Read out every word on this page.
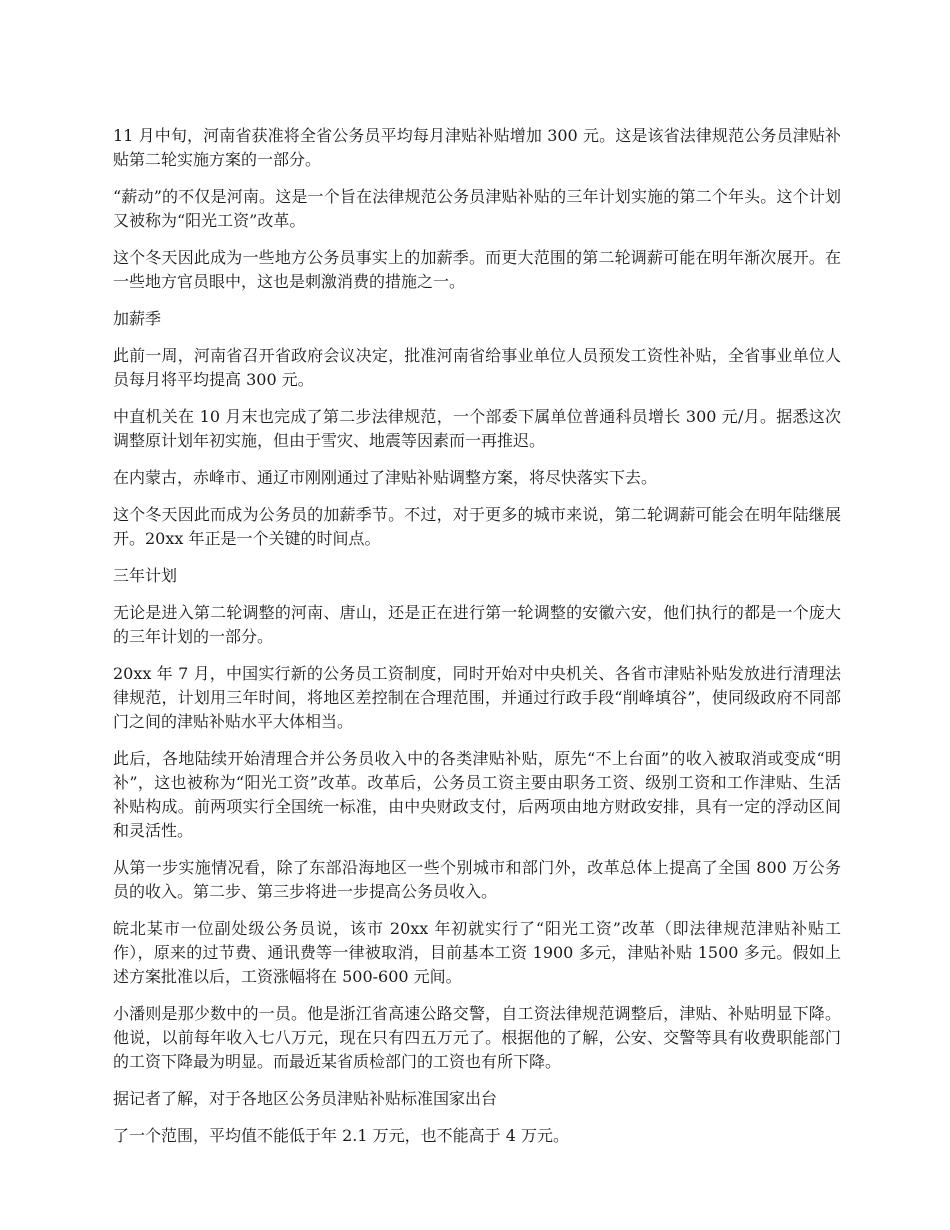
11 月中旬，河南省获准将全省公务员平均每月津贴补贴增加 300 元。这是该省法律规范公务员津贴补贴第二轮实施方案的一部分。

“薪动”的不仅是河南。这是一个旨在法律规范公务员津贴补贴的三年计划实施的第二个年头。这个计划又被称为“阳光工资”改革。

这个冬天因此成为一些地方公务员事实上的加薪季。而更大范围的第二轮调薪可能在明年渐次展开。在一些地方官员眼中，这也是刺激消费的措施之一。

加薪季

此前一周，河南省召开省政府会议决定，批准河南省给事业单位人员预发工资性补贴，全省事业单位人员每月将平均提高 300 元。

中直机关在 10 月末也完成了第二步法律规范，一个部委下属单位普通科员增长 300 元/月。据悉这次调整原计划年初实施，但由于雪灾、地震等因素而一再推迟。

在内蒙古，赤峰市、通辽市刚刚通过了津贴补贴调整方案，将尽快落实下去。

这个冬天因此而成为公务员的加薪季节。不过，对于更多的城市来说，第二轮调薪可能会在明年陆继展开。20xx 年正是一个关键的时间点。

三年计划

无论是进入第二轮调整的河南、唐山，还是正在进行第一轮调整的安徽六安，他们执行的都是一个庞大的三年计划的一部分。

20xx 年 7 月，中国实行新的公务员工资制度，同时开始对中央机关、各省市津贴补贴发放进行清理法律规范，计划用三年时间，将地区差控制在合理范围，并通过行政手段“削峰填谷”，使同级政府不同部门之间的津贴补贴水平大体相当。

此后，各地陆续开始清理合并公务员收入中的各类津贴补贴，原先“不上台面”的收入被取消或变成“明补”，这也被称为“阳光工资”改革。改革后，公务员工资主要由职务工资、级别工资和工作津贴、生活补贴构成。前两项实行全国统一标准，由中央财政支付，后两项由地方财政安排，具有一定的浮动区间和灵活性。

从第一步实施情况看，除了东部沿海地区一些个别城市和部门外，改革总体上提高了全国 800 万公务员的收入。第二步、第三步将进一步提高公务员收入。

皖北某市一位副处级公务员说，该市 20xx 年初就实行了“阳光工资”改革（即法律规范津贴补贴工作），原来的过节费、通讯费等一律被取消，目前基本工资 1900 多元，津贴补贴 1500 多元。假如上述方案批准以后，工资涨幅将在 500-600 元间。

小潘则是那少数中的一员。他是浙江省高速公路交警，自工资法律规范调整后，津贴、补贴明显下降。他说，以前每年收入七八万元，现在只有四五万元了。根据他的了解，公安、交警等具有收费职能部门的工资下降最为明显。而最近某省质检部门的工资也有所下降。

据记者了解，对于各地区公务员津贴补贴标准国家出台

了一个范围，平均值不能低于年 2.1 万元，也不能高于 4 万元。
